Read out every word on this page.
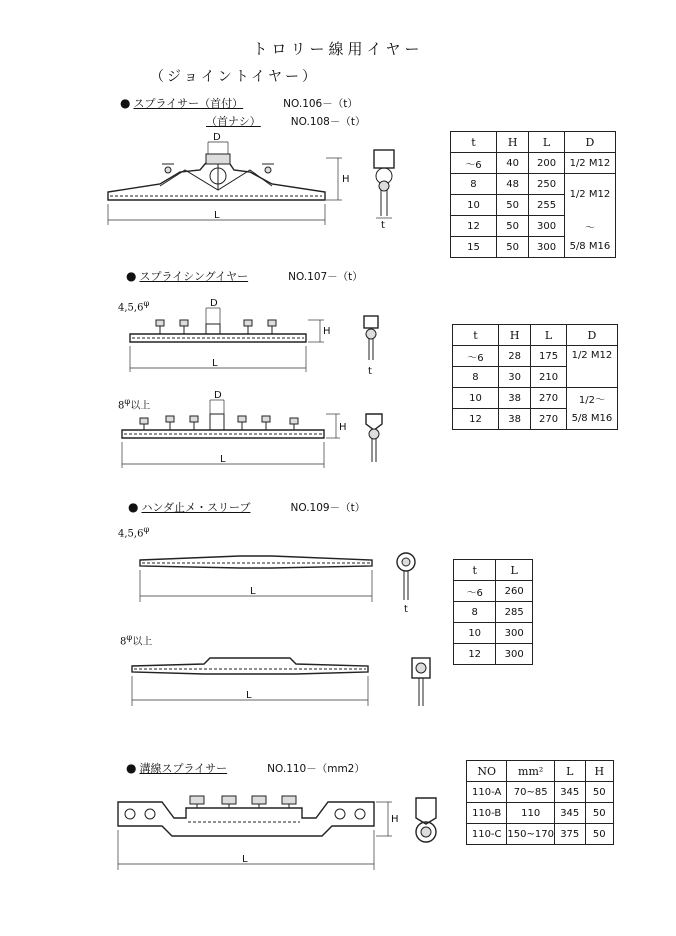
トロリー線用イヤー
（ジョイントイヤー）
● スプライサー（首付）	NO.106－（t）
（首ナシ）	NO.108－（t）
D
L
H
t
t	H	L	D
～6	40	200	1/2 M12
8	48	250	1/2 M12
10	50	255	
12	50	300	～
15	50	300	5/8 M16
● スプライシングイヤー	NO.107－（t）
$4,5,6^\varphi$	D
L
H
t
$8^\varphi$以上
D
L
H
t	H	L	D
～6	28	175	1/2 M12
8	30	210	
10	38	270	1/2～
12	38	270	5/8 M16
● ハンダ止メ・スリーブ	NO.109－（t）
$4,5,6^\varphi$
L
t
$8^\varphi$以上
L
t	L
～6	260
8	285
10	300
12	300
● 溝線スプライサー	NO.110－（mm2）
L
H
NO	mm²	L	H
110-A	70~85	345	50
110-B	110	345	50
110-C	150~170	375	50
